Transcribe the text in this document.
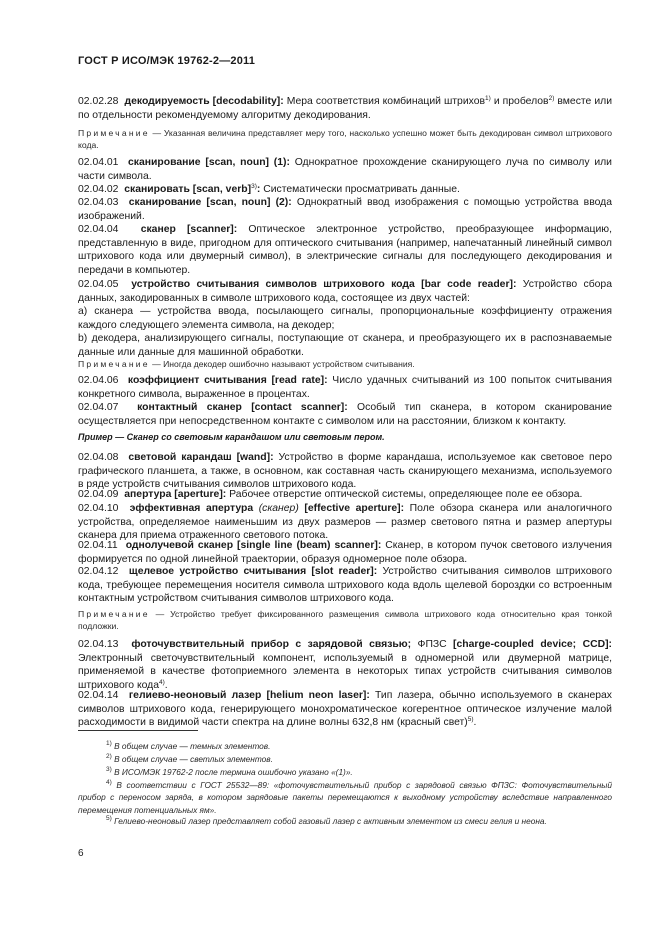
ГОСТ Р ИСО/МЭК 19762-2—2011
02.02.28 декодируемость [decodability]: Мера соответствия комбинаций штрихов$^{1)}$ и пробелов$^{2)}$ вместе или по отдельности рекомендуемому алгоритму декодирования.
Примечание — Указанная величина представляет меру того, насколько успешно может быть декодирован символ штрихового кода.
02.04.01 сканирование [scan, noun] (1): Однократное прохождение сканирующего луча по символу или части символа.
02.04.02 сканировать [scan, verb]$^{3)}$: Систематически просматривать данные.
02.04.03 сканирование [scan, noun] (2): Однократный ввод изображения с помощью устройства ввода изображений.
02.04.04 сканер [scanner]: Оптическое электронное устройство, преобразующее информацию, представленную в виде, пригодном для оптического считывания (например, напечатанный линейный символ штрихового кода или двумерный символ), в электрические сигналы для последующего декодирования и передачи в компьютер.
02.04.05 устройство считывания символов штрихового кода [bar code reader]: Устройство сбора данных, закодированных в символе штрихового кода, состоящее из двух частей:
a) сканера — устройства ввода, посылающего сигналы, пропорциональные коэффициенту отражения каждого следующего элемента символа, на декодер;
b) декодера, анализирующего сигналы, поступающие от сканера, и преобразующего их в распознаваемые данные или данные для машинной обработки.
Примечание — Иногда декодер ошибочно называют устройством считывания.
02.04.06 коэффициент считывания [read rate]: Число удачных считываний из 100 попыток считывания конкретного символа, выраженное в процентах.
02.04.07 контактный сканер [contact scanner]: Особый тип сканера, в котором сканирование осуществляется при непосредственном контакте с символом или на расстоянии, близком к контакту.
Пример — Сканер со световым карандашом или световым пером.
02.04.08 световой карандаш [wand]: Устройство в форме карандаша, используемое как световое перо графического планшета, а также, в основном, как составная часть сканирующего механизма, используемого в ряде устройств считывания символов штрихового кода.
02.04.09 апертура [aperture]: Рабочее отверстие оптической системы, определяющее поле ее обзора.
02.04.10 эффективная апертура (сканер) [effective aperture]: Поле обзора сканера или аналогичного устройства, определяемое наименьшим из двух размеров — размер светового пятна и размер апертуры сканера для приема отраженного светового потока.
02.04.11 однолучевой сканер [single line (beam) scanner]: Сканер, в котором пучок светового излучения формируется по одной линейной траектории, образуя одномерное поле обзора.
02.04.12 щелевое устройство считывания [slot reader]: Устройство считывания символов штрихового кода, требующее перемещения носителя символа штрихового кода вдоль щелевой бороздки со встроенным контактным устройством считывания символов штрихового кода.
Примечание — Устройство требует фиксированного размещения символа штрихового кода относительно края тонкой подложки.
02.04.13 фоточувствительный прибор с зарядовой связью; ФПЗС [charge-coupled device; CCD]: Электронный светочувствительный компонент, используемый в одномерной или двумерной матрице, применяемой в качестве фотоприемного элемента в некоторых типах устройств считывания символов штрихового кода$^{4)}$.
02.04.14 гелиево-неоновый лазер [helium neon laser]: Тип лазера, обычно используемого в сканерах символов штрихового кода, генерирующего монохроматическое когерентное оптическое излучение малой расходимости в видимой части спектра на длине волны 632,8 нм (красный свет)$^{5)}$.
$^{1)}$ В общем случае — темных элементов.
$^{2)}$ В общем случае — светлых элементов.
$^{3)}$ В ИСО/МЭК 19762-2 после термина ошибочно указано «(1)».
$^{4)}$ В соответствии с ГОСТ 25532—89: «фоточувствительный прибор с зарядовой связью ФПЗС: Фоточувствительный прибор с переносом заряда, в котором зарядовые пакеты перемещаются к выходному устройству вследствие направленного перемещения потенциальных ям».
$^{5)}$ Гелиево-неоновый лазер представляет собой газовый лазер с активным элементом из смеси гелия и неона.
6
